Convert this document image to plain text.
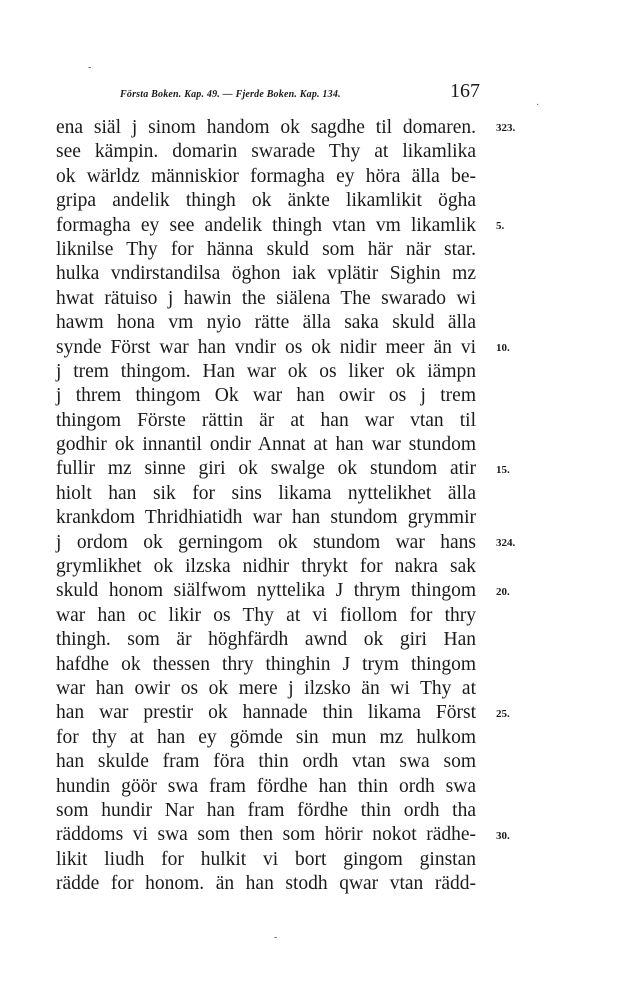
-
·
-
Första Boken. Kap. 49. — Fjerde Boken. Kap. 134.	167
ena siäl j sinom handom ok sagdhe til domaren.
see kämpin. domarin swarade Thy at likamlika
ok wärldz människior formagha ey höra älla be-
gripa andelik thingh ok änkte likamlikit ögha
formagha ey see andelik thingh vtan vm likamlik
liknilse Thy for hänna skuld som här när star.
hulka vndirstandilsa öghon iak vplätir Sighin mz
hwat rätuiso j hawin the siälena The swarado wi
hawm hona vm nyio rätte älla saka skuld älla
synde Först war han vndir os ok nidir meer än vi
j trem thingom. Han war ok os liker ok iämpn
j threm thingom Ok war han owir os j trem
thingom Förste rättin är at han war vtan til
godhir ok innantil ondir Annat at han war stundom
fullir mz sinne giri ok swalge ok stundom atir
hiolt han sik for sins likama nyttelikhet älla
krankdom Thridhiatidh war han stundom grymmir
j ordom ok gerningom ok stundom war hans
grymlikhet ok ilzska nidhir thrykt for nakra sak
skuld honom siälfwom nyttelika J thrym thingom
war han oc likir os Thy at vi fiollom for thry
thingh. som är höghfärdh awnd ok giri Han
hafdhe ok thessen thry thinghin J trym thingom
war han owir os ok mere j ilzsko än wi Thy at
han war prestir ok hannade thin likama Först
for thy at han ey gömde sin mun mz hulkom
han skulde fram föra thin ordh vtan swa som
hundin göör swa fram fördhe han thin ordh swa
som hundir Nar han fram fördhe thin ordh tha
räddoms vi swa som then som hörir nokot rädhe-
likit liudh for hulkit vi bort gingom ginstan
rädde for honom. än han stodh qwar vtan rädd-
323.
5.
10.
15.
324.
20.
25.
30.
